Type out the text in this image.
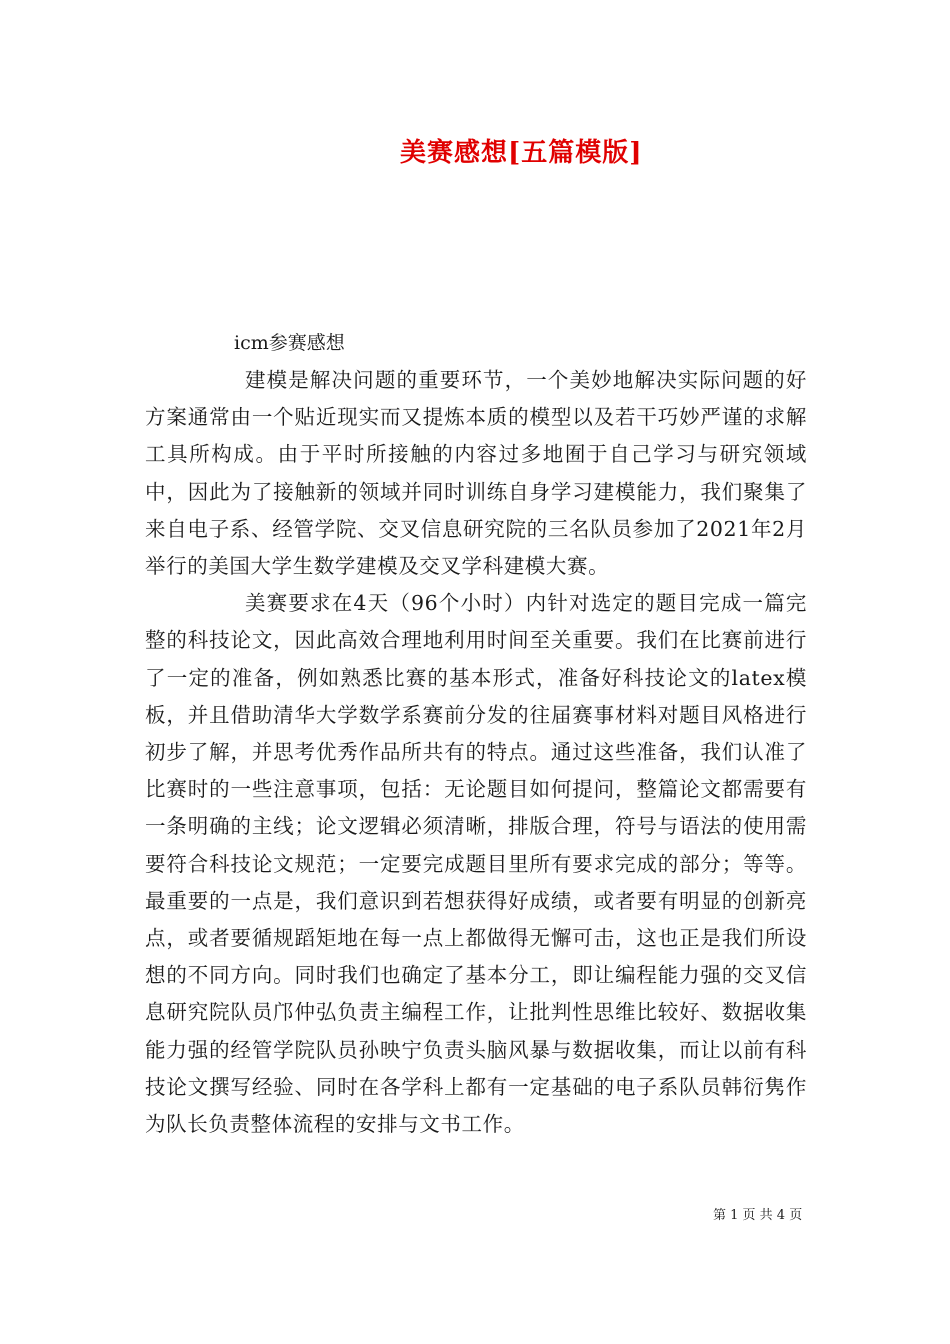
美赛感想[五篇模版]
icm参赛感想

建模是解决问题的重要环节，一个美妙地解决实际问题的好方案通常由一个贴近现实而又提炼本质的模型以及若干巧妙严谨的求解工具所构成。由于平时所接触的内容过多地囿于自己学习与研究领域中，因此为了接触新的领域并同时训练自身学习建模能力，我们聚集了来自电子系、经管学院、交叉信息研究院的三名队员参加了2021年2月举行的美国大学生数学建模及交叉学科建模大赛。

美赛要求在4天（96个小时）内针对选定的题目完成一篇完整的科技论文，因此高效合理地利用时间至关重要。我们在比赛前进行了一定的准备，例如熟悉比赛的基本形式，准备好科技论文的latex模板，并且借助清华大学数学系赛前分发的往届赛事材料对题目风格进行初步了解，并思考优秀作品所共有的特点。通过这些准备，我们认准了比赛时的一些注意事项，包括：无论题目如何提问，整篇论文都需要有一条明确的主线；论文逻辑必须清晰，排版合理，符号与语法的使用需要符合科技论文规范；一定要完成题目里所有要求完成的部分；等等。最重要的一点是，我们意识到若想获得好成绩，或者要有明显的创新亮点，或者要循规蹈矩地在每一点上都做得无懈可击，这也正是我们所设想的不同方向。同时我们也确定了基本分工，即让编程能力强的交叉信息研究院队员邝仲弘负责主编程工作，让批判性思维比较好、数据收集能力强的经管学院队员孙映宁负责头脑风暴与数据收集，而让以前有科技论文撰写经验、同时在各学科上都有一定基础的电子系队员韩衍隽作为队长负责整体流程的安排与文书工作。

第 1 页 共 4 页
